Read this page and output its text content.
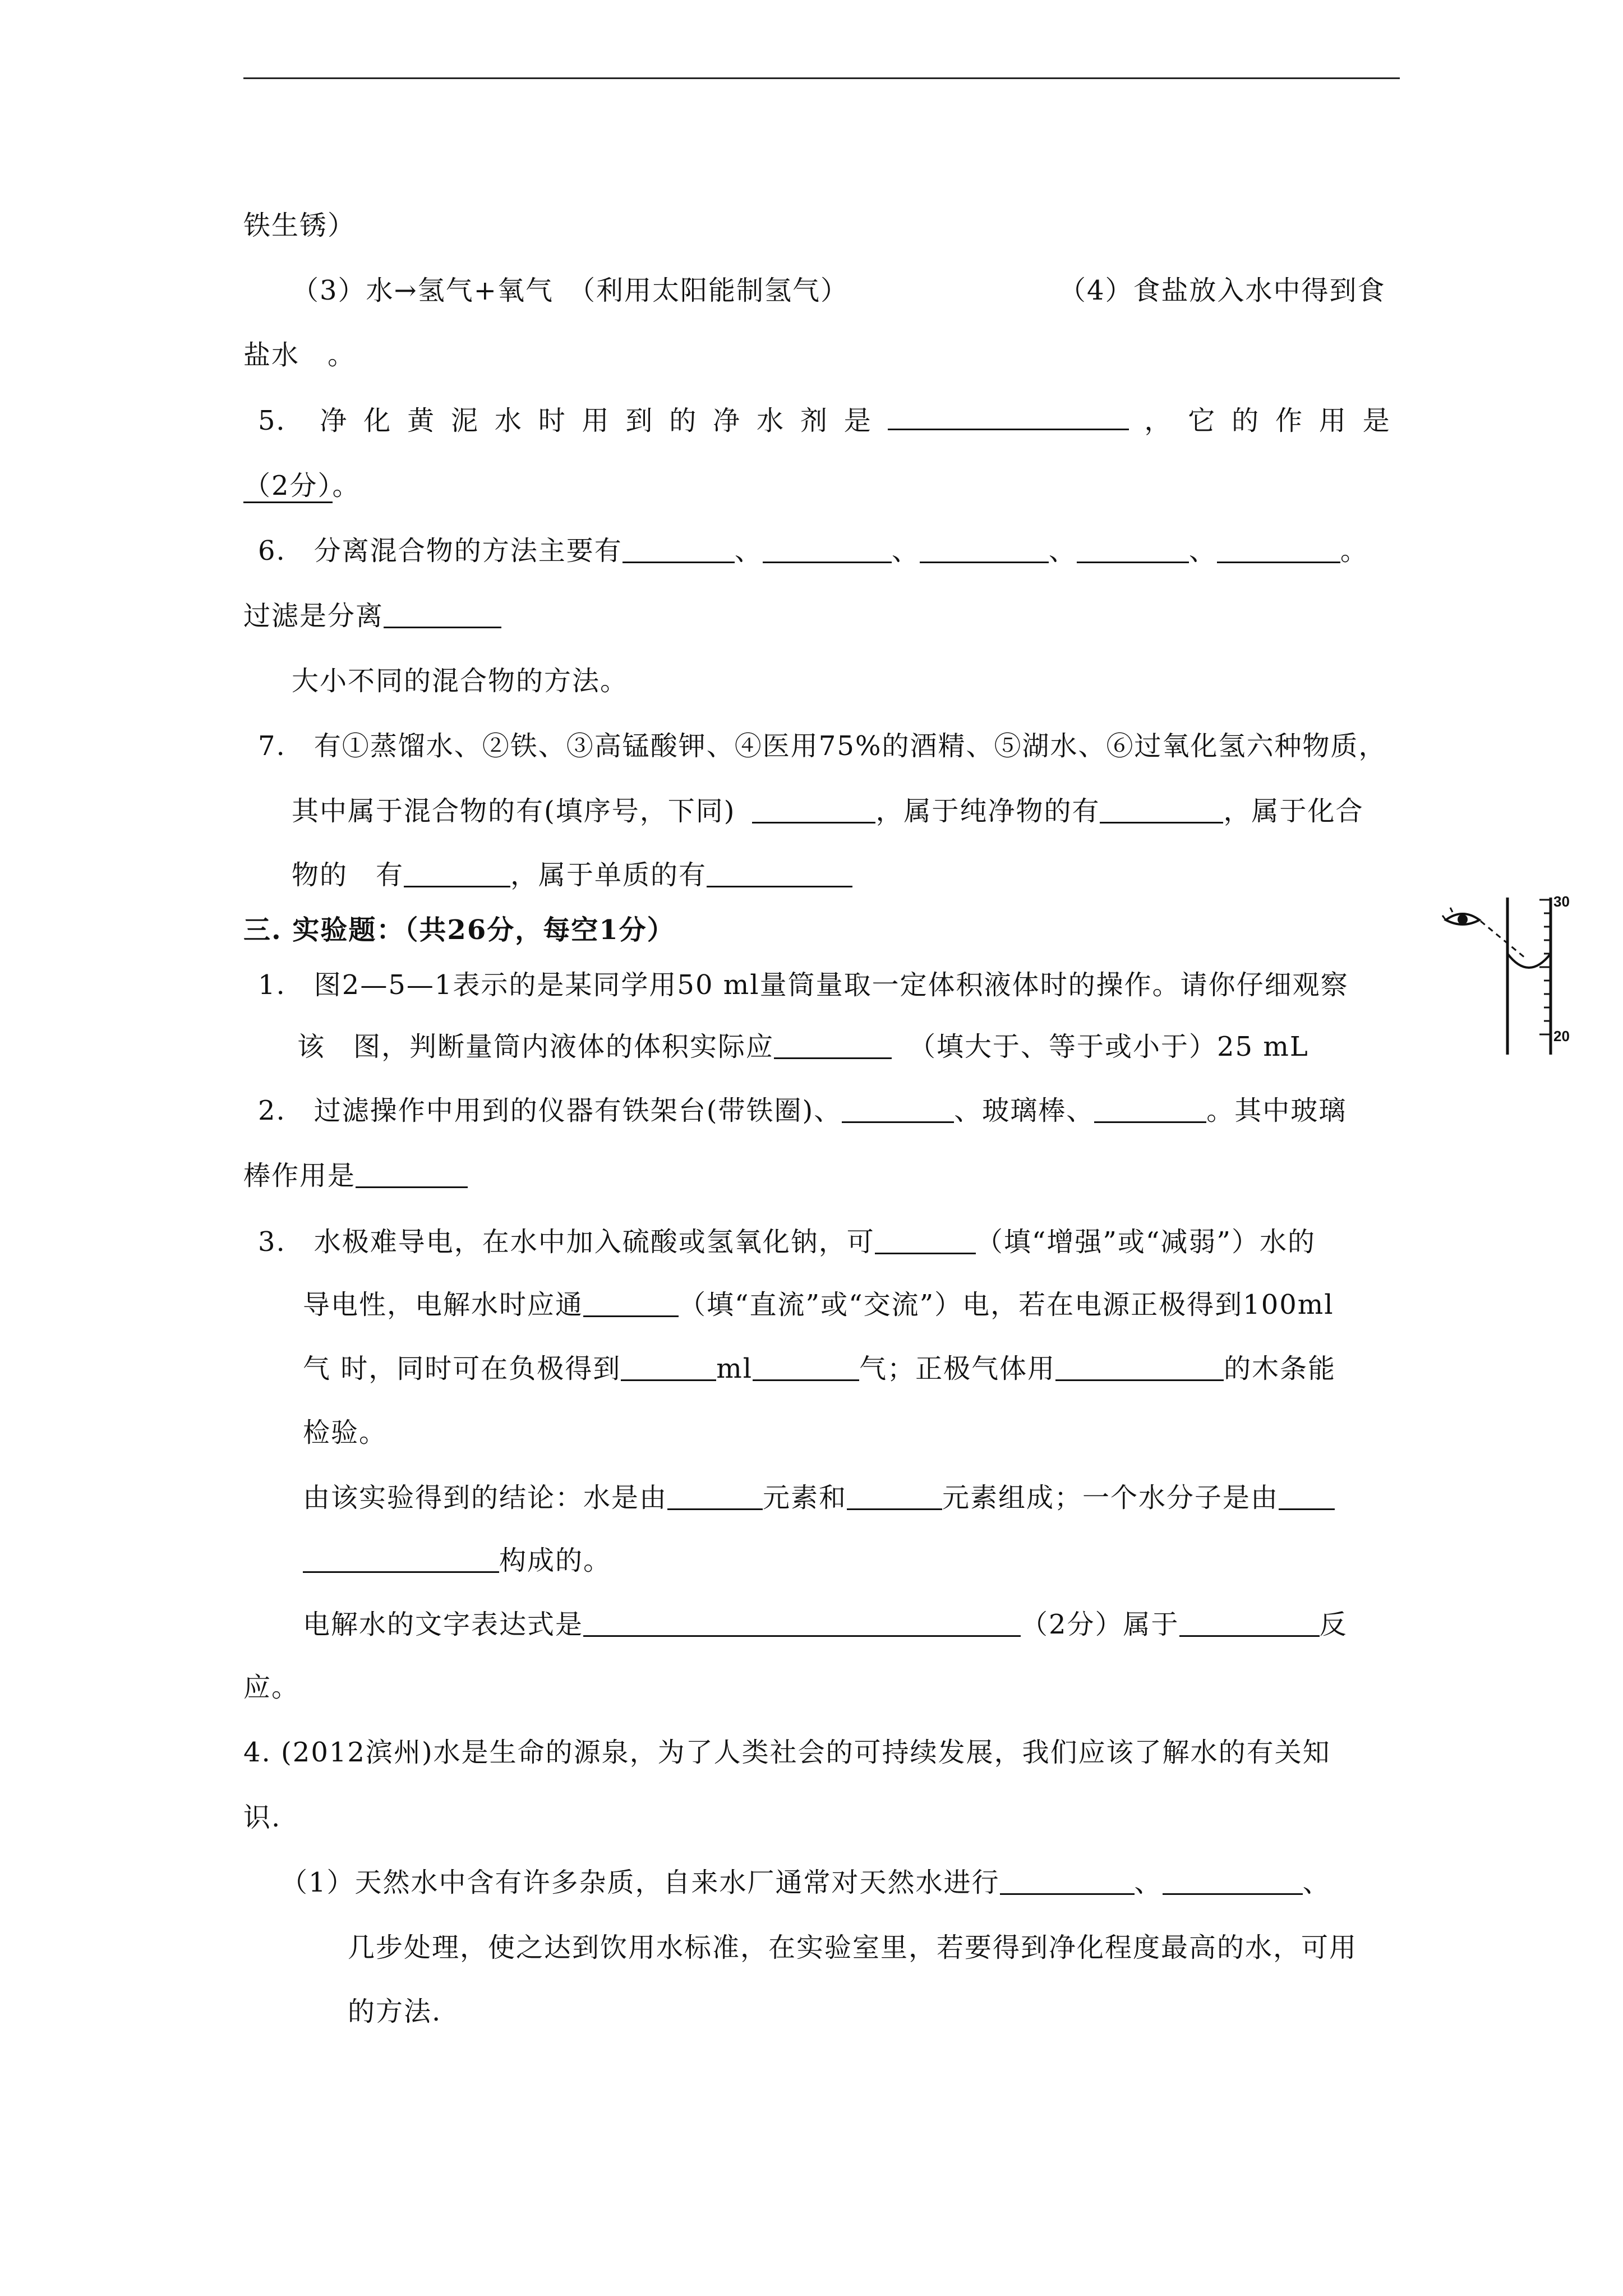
铁生锈）
（3）水→氢气+氧气　（利用太阳能制氢气）	（4）食盐放入水中得到食
盐水　。
5． 净 化 黄 泥 水 时 用 到 的 净 水 剂 是	， 它 的 作 用 是
（2分）。
6.　分离混合物的方法主要有	、	、	、	、	。
过滤是分离
大小不同的混合物的方法。
7.　有①蒸馏水、②铁、③高锰酸钾、④医用75%的酒精、⑤湖水、⑥过氧化氢六种物质，
其中属于混合物的有(填序号，下同)	，属于纯净物的有	，属于化合
物的　有	，属于单质的有
三. 实验题：（共26分，每空1分）
1.　图2—5—1表示的是某同学用50 ml量筒量取一定体积液体时的操作。请你仔细观察
该　图，判断量筒内液体的体积实际应	（填大于、等于或小于）25 mL
2.　过滤操作中用到的仪器有铁架台(带铁圈)、	、玻璃棒、	。其中玻璃
棒作用是
3.　水极难导电，在水中加入硫酸或氢氧化钠，可	（填“增强”或“减弱”）水的
导电性，电解水时应通	（填“直流”或“交流”）电，若在电源正极得到100ml
气 时，同时可在负极得到	ml	气；正极气体用	的木条能
检验。
由该实验得到的结论：水是由	元素和	元素组成；一个水分子是由
构成的。
电解水的文字表达式是	（2分）属于	反
应。
4. (2012滨州)水是生命的源泉，为了人类社会的可持续发展，我们应该了解水的有关知
识.
（1）天然水中含有许多杂质，自来水厂通常对天然水进行	、	、
几步处理，使之达到饮用水标准，在实验室里，若要得到净化程度最高的水，可用
的方法.
30
20
